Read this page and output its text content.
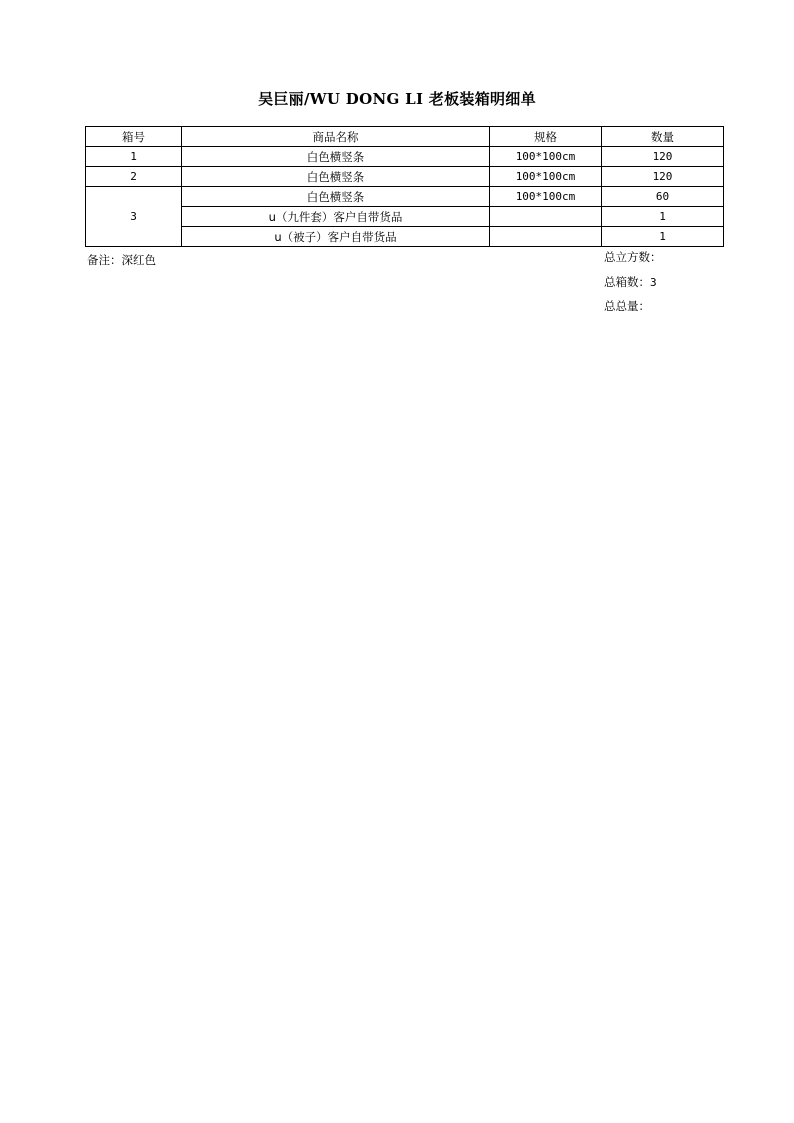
吴巨丽/WU DONG LI 老板装箱明细单
箱号	商品名称	规格	数量
1	白色横竖条	100*100cm	120
2	白色横竖条	100*100cm	120
3	白色横竖条	100*100cm	60
	u（九件套）客户自带货品		1
	u（被子）客户自带货品		1
备注：深红色	总立方数：
总箱数：3
总总量：
